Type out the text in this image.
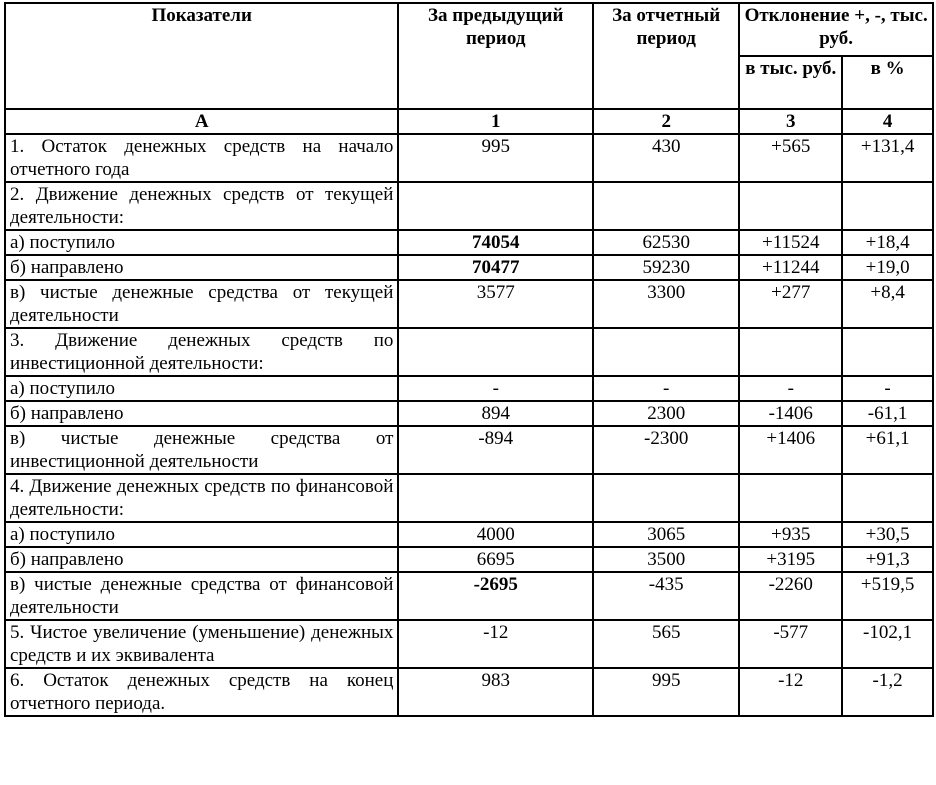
Показатели	За предыдущий период	За отчетный период	Отклонение +, -, тыс. руб.	
			в тыс. руб.	в %
А	1	2	3	4
1. Остаток денежных средств на начало отчетного года	995	430	+565	+131,4
2. Движение денежных средств от текущей деятельности:				
а) поступило	74054	62530	+11524	+18,4
б) направлено	70477	59230	+11244	+19,0
в) чистые денежные средства от текущей деятельности	3577	3300	+277	+8,4
3. Движение денежных средств по инвестиционной деятельности:				
а) поступило	-	-	-	-
б) направлено	894	2300	-1406	-61,1
в) чистые денежные средства от инвестиционной деятельности	-894	-2300	+1406	+61,1
4. Движение денежных средств по финансовой деятельности:				
а) поступило	4000	3065	+935	+30,5
б) направлено	6695	3500	+3195	+91,3
в) чистые денежные средства от финансовой деятельности	-2695	-435	-2260	+519,5
5. Чистое увеличение (уменьшение) денежных средств и их эквивалента	-12	565	-577	-102,1
6. Остаток денежных средств на конец отчетного периода.	983	995	-12	-1,2
